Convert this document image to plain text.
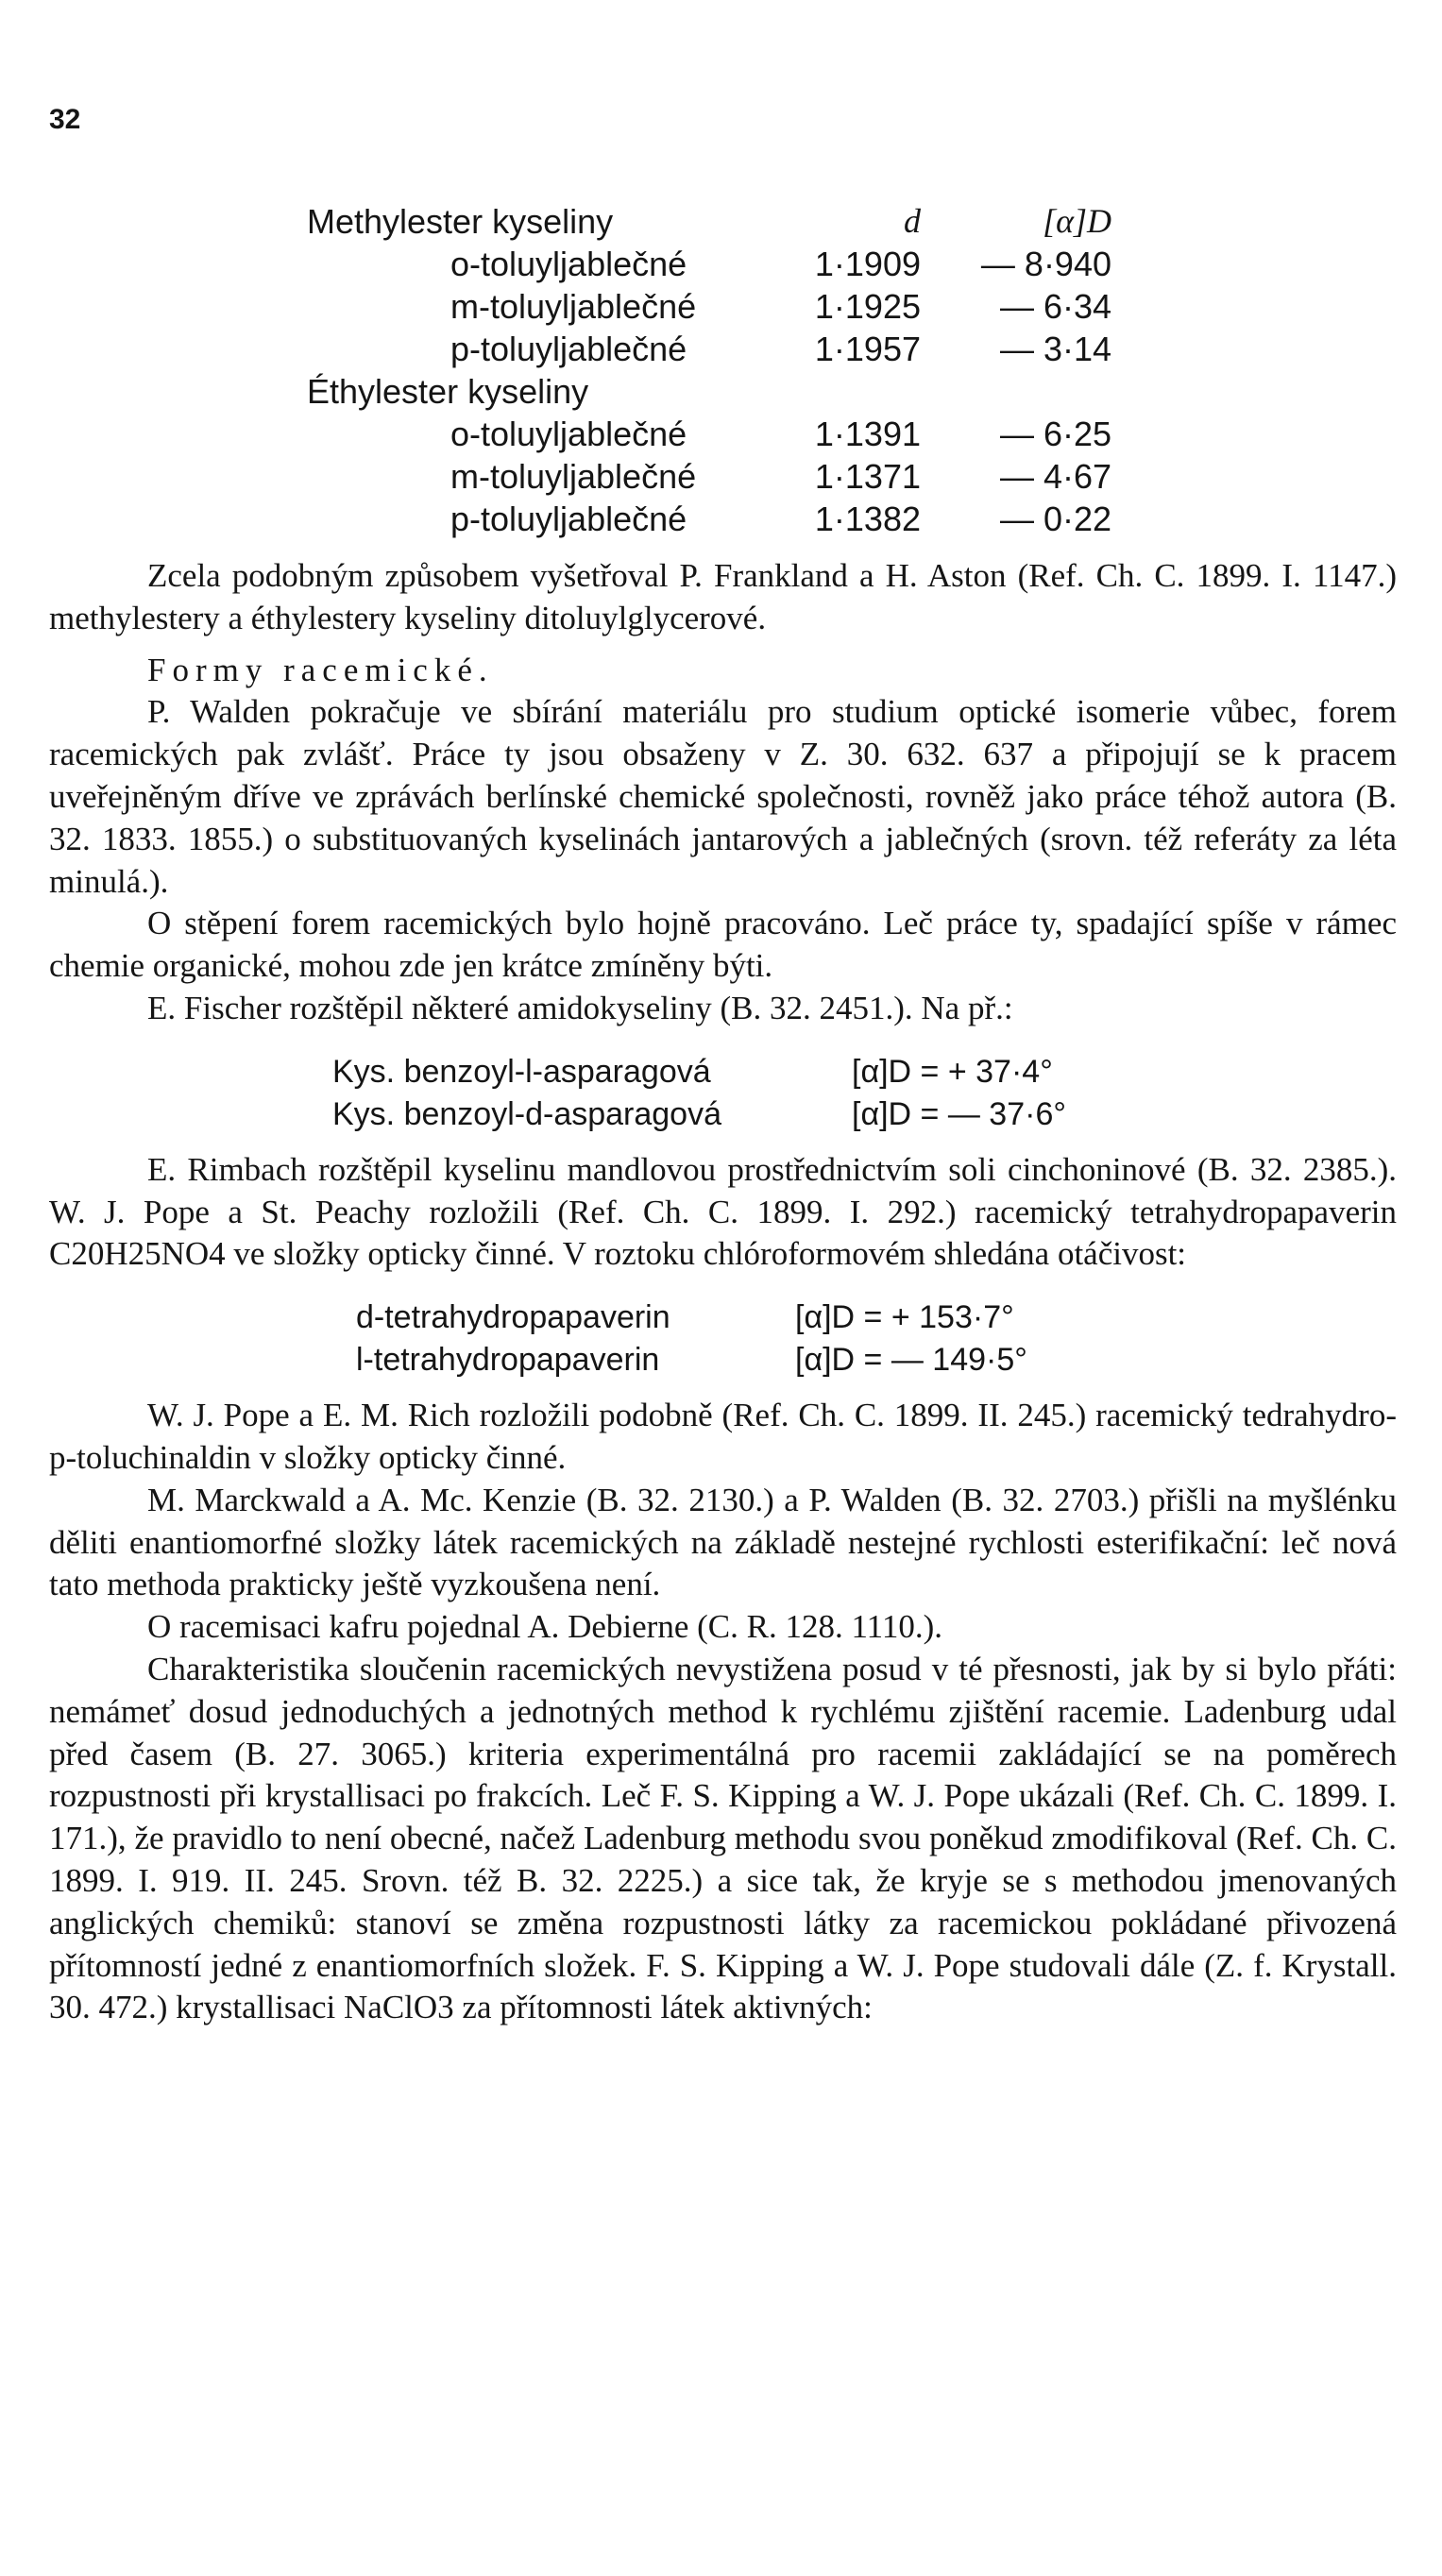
32
Methylester kyseliny	d	[α]D
o-toluyljablečné	1·1909	— 8·940
m-toluyljablečné	1·1925	— 6·34
p-toluyljablečné	1·1957	— 3·14
Éthylester kyseliny
o-toluyljablečné	1·1391	— 6·25
m-toluyljablečné	1·1371	— 4·67
p-toluyljablečné	1·1382	— 0·22

Zcela podobným způsobem vyšetřoval P. Frankland a H. Aston (Ref. Ch. C. 1899. I. 1147.) methylestery a éthylestery kyseliny ditoluylglycerové.

Formy racemické.

P. Walden pokračuje ve sbírání materiálu pro studium optické isomerie vůbec, forem racemických pak zvlášť. Práce ty jsou obsaženy v Z. 30. 632. 637 a připojují se k pracem uveřejněným dříve ve zprávách berlínské chemické společnosti, rovněž jako práce téhož autora (B. 32. 1833. 1855.) o substituovaných kyselinách jantarových a jablečných (srovn. též referáty za léta minulá.).

O stěpení forem racemických bylo hojně pracováno. Leč práce ty, spadající spíše v rámec chemie organické, mohou zde jen krátce zmíněny býti.

E. Fischer rozštěpil některé amidokyseliny (B. 32. 2451.). Na př.:

Kys. benzoyl-l-asparagová	[α]D = + 37·4°
Kys. benzoyl-d-asparagová	[α]D = — 37·6°

E. Rimbach rozštěpil kyselinu mandlovou prostřednictvím soli cinchoninové (B. 32. 2385.). W. J. Pope a St. Peachy rozložili (Ref. Ch. C. 1899. I. 292.) racemický tetrahydropapaverin C20H25NO4 ve složky opticky činné. V roztoku chlóroformovém shledána otáčivost:

d-tetrahydropapaverin	[α]D = + 153·7°
l-tetrahydropapaverin	[α]D = — 149·5°

W. J. Pope a E. M. Rich rozložili podobně (Ref. Ch. C. 1899. II. 245.) racemický tedrahydro-p-toluchinaldin v složky opticky činné.

M. Marckwald a A. Mc. Kenzie (B. 32. 2130.) a P. Walden (B. 32. 2703.) přišli na myšlénku děliti enantiomorfné složky látek racemických na základě nestejné rychlosti esterifikační: leč nová tato methoda prakticky ještě vyzkoušena není.

O racemisaci kafru pojednal A. Debierne (C. R. 128. 1110.).

Charakteristika sloučenin racemických nevystižena posud v té přesnosti, jak by si bylo přáti: nemámeť dosud jednoduchých a jednotných method k rychlému zjištění racemie. Ladenburg udal před časem (B. 27. 3065.) kriteria experimentálná pro racemii zakládající se na poměrech rozpustnosti při krystallisaci po frakcích. Leč F. S. Kipping a W. J. Pope ukázali (Ref. Ch. C. 1899. I. 171.), že pravidlo to není obecné, načež Ladenburg methodu svou poněkud zmodifikoval (Ref. Ch. C. 1899. I. 919. II. 245. Srovn. též B. 32. 2225.) a sice tak, že kryje se s methodou jmenovaných anglických chemiků: stanoví se změna rozpustnosti látky za racemickou pokládané přivozená přítomností jedné z enantiomorfních složek. F. S. Kipping a W. J. Pope studovali dále (Z. f. Krystall. 30. 472.) krystallisaci NaClO3 za přítomnosti látek aktivných:
